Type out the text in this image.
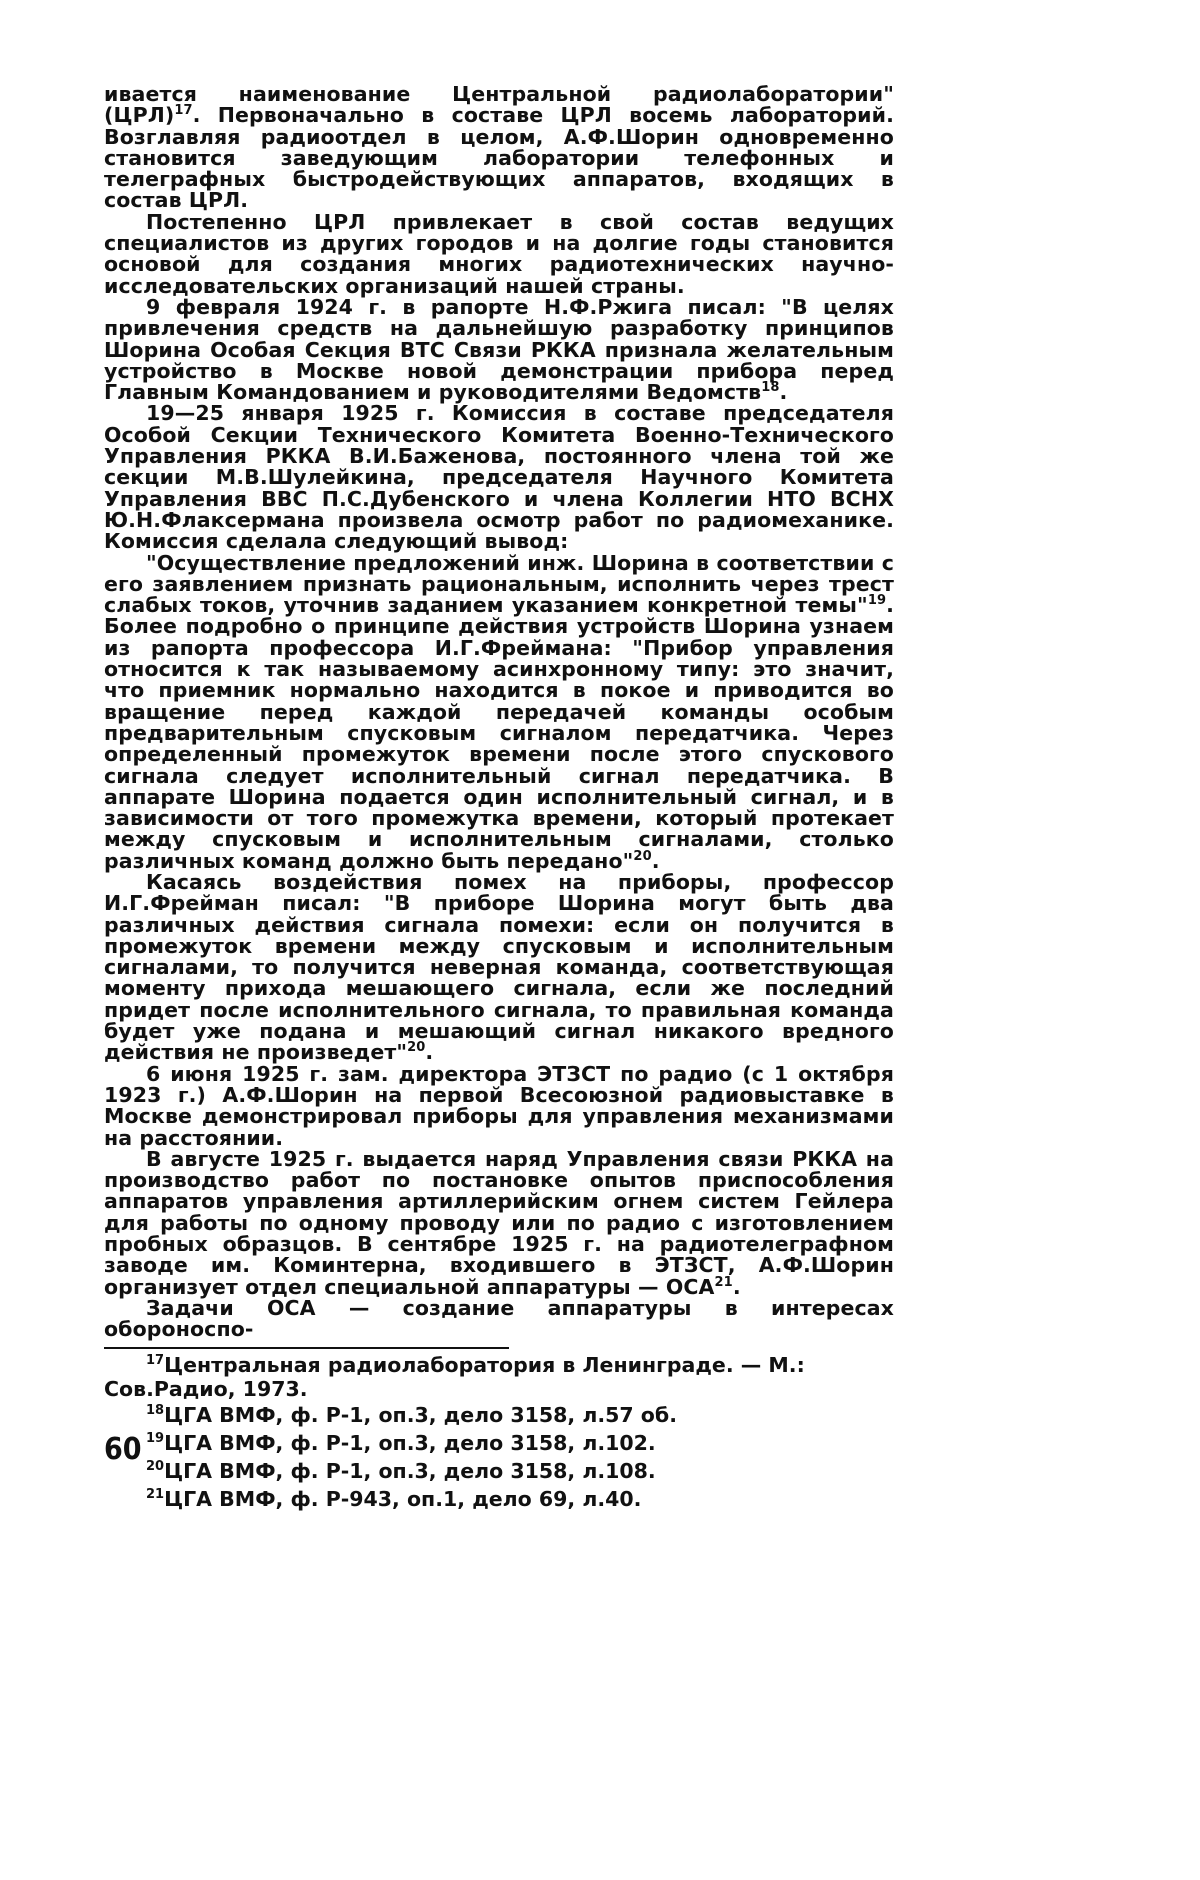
ивается наименование Центральной радиолаборатории" (ЦРЛ)$^{17}$. Первоначально в составе ЦРЛ восемь лабораторий. Возглавляя радиоотдел в целом, А.Ф.Шорин одновременно становится заведующим лаборатории телефонных и телеграфных быстродействующих аппаратов, входящих в состав ЦРЛ.

Постепенно ЦРЛ привлекает в свой состав ведущих специалистов из других городов и на долгие годы становится основой для создания многих радиотехнических научно-исследовательских организаций нашей страны.

9 февраля 1924 г. в рапорте Н.Ф.Ржига писал: "В целях привлечения средств на дальнейшую разработку принципов Шорина Особая Секция ВТС Связи РККА признала желательным устройство в Москве новой демонстрации прибора перед Главным Командованием и руководителями Ведомств$^{18}$.

19—25 января 1925 г. Комиссия в составе председателя Особой Секции Технического Комитета Военно-Технического Управления РККА В.И.Баженова, постоянного члена той же секции М.В.Шулейкина, председателя Научного Комитета Управления ВВС П.С.Дубенского и члена Коллегии НТО ВСНХ Ю.Н.Флаксермана произвела осмотр работ по радиомеханике. Комиссия сделала следующий вывод:

"Осуществление предложений инж. Шорина в соответствии с его заявлением признать рациональным, исполнить через трест слабых токов, уточнив заданием указанием конкретной темы"$^{19}$. Более подробно о принципе действия устройств Шорина узнаем из рапорта профессора И.Г.Фреймана: "Прибор управления относится к так называемому асинхронному типу: это значит, что приемник нормально находится в покое и приводится во вращение перед каждой передачей команды особым предварительным спусковым сигналом передатчика. Через определенный промежуток времени после этого спускового сигнала следует исполнительный сигнал передатчика. В аппарате Шорина подается один исполнительный сигнал, и в зависимости от того промежутка времени, который протекает между спусковым и исполнительным сигналами, столько различных команд должно быть передано"$^{20}$.

Касаясь воздействия помех на приборы, профессор И.Г.Фрейман писал: "В приборе Шорина могут быть два различных действия сигнала помехи: если он получится в промежуток времени между спусковым и исполнительным сигналами, то получится неверная команда, соответствующая моменту прихода мешающего сигнала, если же последний придет после исполнительного сигнала, то правильная команда будет уже подана и мешающий сигнал никакого вредного действия не произведет"$^{20}$.

6 июня 1925 г. зам. директора ЭТЗСТ по радио (с 1 октября 1923 г.) А.Ф.Шорин на первой Всесоюзной радиовыставке в Москве демонстрировал приборы для управления механизмами на расстоянии.

В августе 1925 г. выдается наряд Управления связи РККА на производство работ по постановке опытов приспособления аппаратов управления артиллерийским огнем систем Гейлера для работы по одному проводу или по радио с изготовлением пробных образцов. В сентябре 1925 г. на радиотелеграфном заводе им. Коминтерна, входившего в ЭТЗСТ, А.Ф.Шорин организует отдел специальной аппаратуры — ОСА$^{21}$.

Задачи ОСА — создание аппаратуры в интересах обороноспо-

$^{17}$Центральная радиолаборатория в Ленинграде. — М.: Сов.Радио, 1973.

$^{18}$ЦГА ВМФ, ф. Р-1, оп.3, дело 3158, л.57 об.

$^{19}$ЦГА ВМФ, ф. Р-1, оп.3, дело 3158, л.102.

$^{20}$ЦГА ВМФ, ф. Р-1, оп.3, дело 3158, л.108.

$^{21}$ЦГА ВМФ, ф. Р-943, оп.1, дело 69, л.40.

60
